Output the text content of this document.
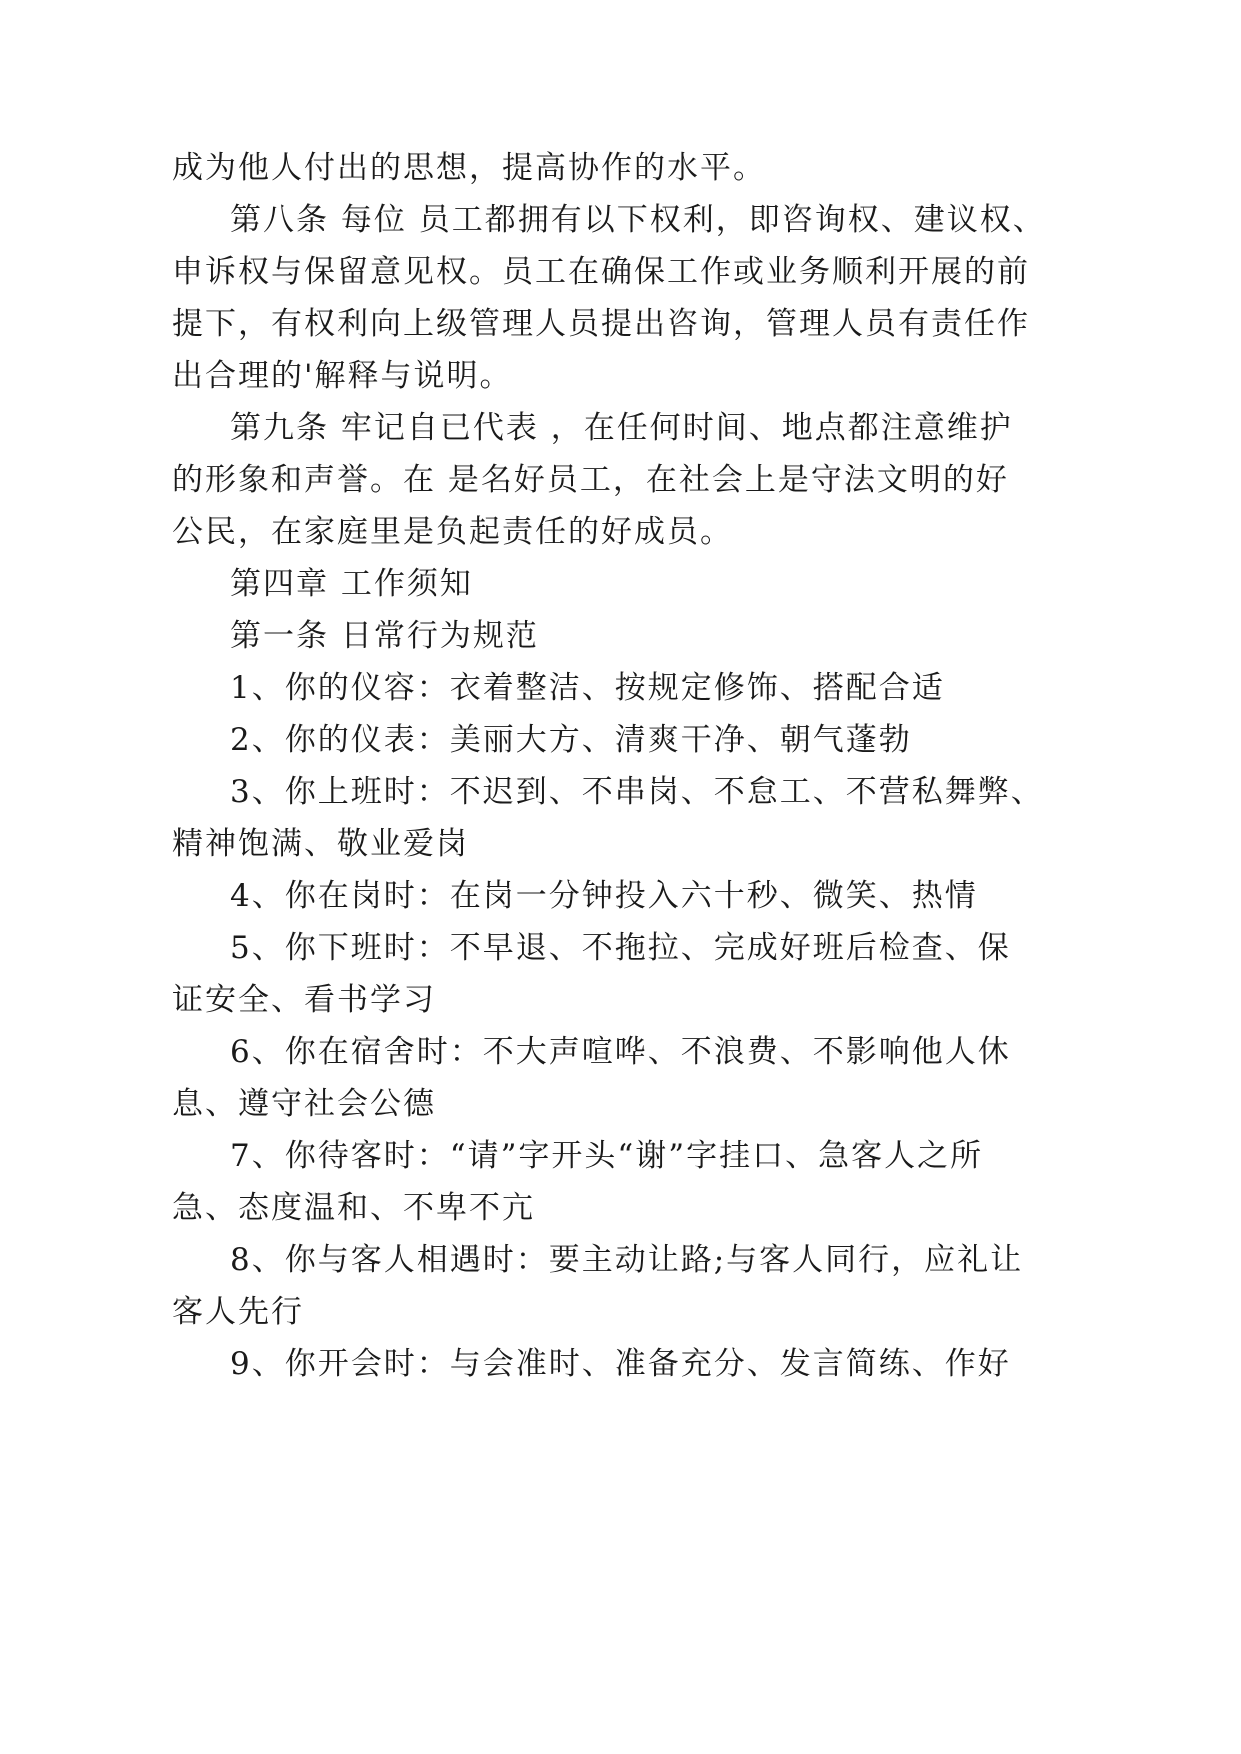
成为他人付出的思想，提高协作的水平。
第八条 每位 员工都拥有以下权利，即咨询权、建议权、
申诉权与保留意见权。员工在确保工作或业务顺利开展的前
提下，有权利向上级管理人员提出咨询，管理人员有责任作
出合理的'解释与说明。
第九条 牢记自已代表 ，在任何时间、地点都注意维护
的形象和声誉。在 是名好员工，在社会上是守法文明的好
公民，在家庭里是负起责任的好成员。
第四章 工作须知
第一条 日常行为规范
1、你的仪容：衣着整洁、按规定修饰、搭配合适
2、你的仪表：美丽大方、清爽干净、朝气蓬勃
3、你上班时：不迟到、不串岗、不怠工、不营私舞弊、
精神饱满、敬业爱岗
4、你在岗时：在岗一分钟投入六十秒、微笑、热情
5、你下班时：不早退、不拖拉、完成好班后检查、保
证安全、看书学习
6、你在宿舍时：不大声喧哗、不浪费、不影响他人休
息、遵守社会公德
7、你待客时：“请”字开头“谢”字挂口、急客人之所
急、态度温和、不卑不亢
8、你与客人相遇时：要主动让路;与客人同行，应礼让
客人先行
9、你开会时：与会准时、准备充分、发言简练、作好
